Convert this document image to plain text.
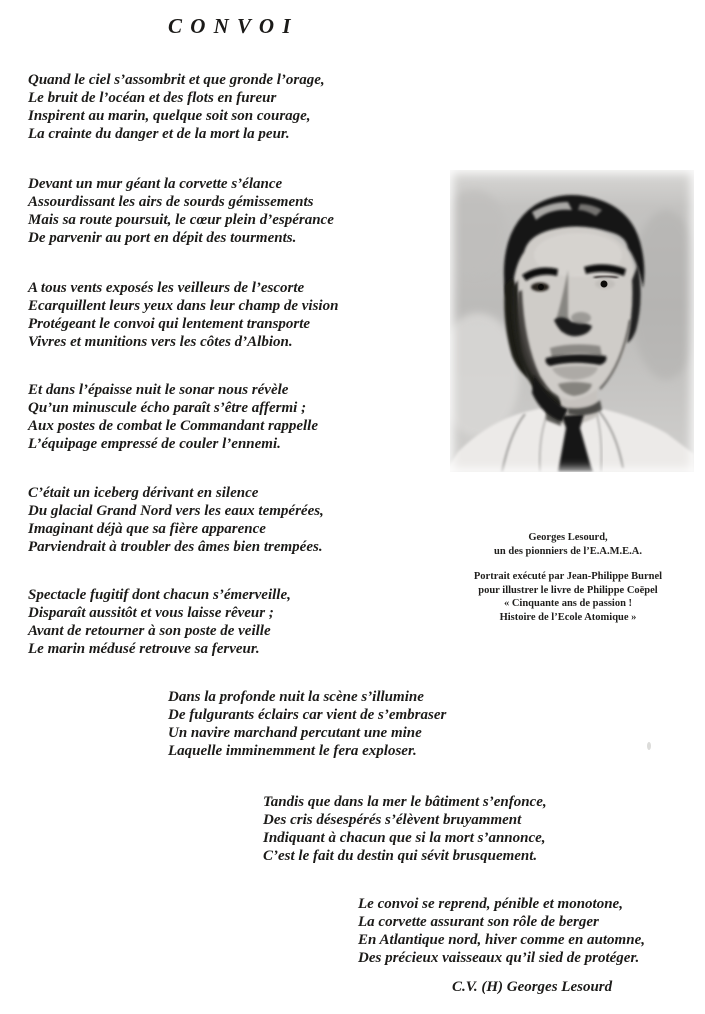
C O N V O I
Quand le ciel s’assombrit et que gronde l’orage,
Le bruit de l’océan et des flots en fureur
Inspirent au marin, quelque soit son courage,
La crainte du danger et de la mort la peur.
Devant un mur géant la corvette s’élance
Assourdissant les airs de sourds gémissements
Mais sa route poursuit, le cœur plein d’espérance
De parvenir au port en dépit des tourments.
A tous vents exposés les veilleurs de l’escorte
Ecarquillent leurs yeux dans leur champ de vision
Protégeant le convoi qui lentement transporte
Vivres et munitions vers les côtes d’Albion.
Et dans l’épaisse nuit le sonar nous révèle
Qu’un minuscule écho paraît s’être affermi ;
Aux postes de combat le Commandant rappelle
L’équipage empressé de couler l’ennemi.
C’était un iceberg dérivant en silence
Du glacial Grand Nord vers les eaux tempérées,
Imaginant déjà que sa fière apparence
Parviendrait à troubler des âmes bien trempées.
Spectacle fugitif dont chacun s’émerveille,
Disparaît aussitôt et vous laisse rêveur ;
Avant de retourner à son poste de veille
Le marin médusé retrouve sa ferveur.
Dans la profonde nuit la scène s’illumine
De fulgurants éclairs car vient de s’embraser
Un navire marchand percutant une mine
Laquelle imminemment le fera exploser.
Tandis que dans la mer le bâtiment s’enfonce,
Des cris désespérés s’élèvent bruyamment
Indiquant à chacun que si la mort s’annonce,
C’est le fait du destin qui sévit brusquement.
Le convoi se reprend, pénible et monotone,
La corvette assurant son rôle de berger
En Atlantique nord, hiver comme en automne,
Des précieux vaisseaux qu’il sied de protéger.
C.V. (H) Georges Lesourd
Georges Lesourd,
un des pionniers de l’E.A.M.E.A.
Portrait exécuté par Jean-Philippe Burnel
pour illustrer le livre de Philippe Coëpel
« Cinquante ans de passion !
Histoire de l’Ecole Atomique »
